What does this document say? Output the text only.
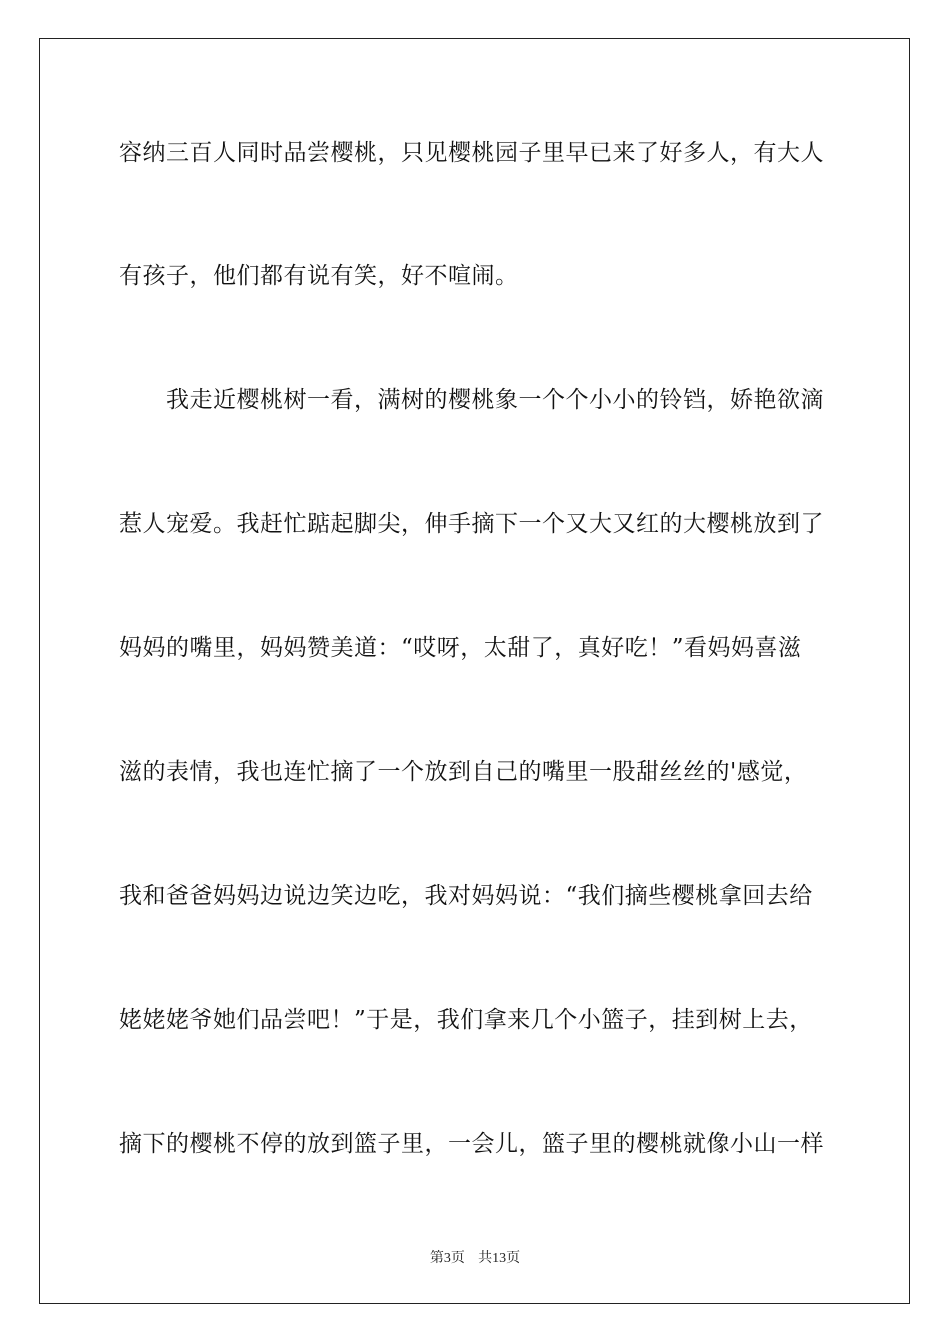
容纳三百人同时品尝樱桃，只见樱桃园子里早已来了好多人，有大人
有孩子，他们都有说有笑，好不喧闹。
　　我走近樱桃树一看，满树的樱桃象一个个小小的铃铛，娇艳欲滴
惹人宠爱。我赶忙踮起脚尖，伸手摘下一个又大又红的大樱桃放到了
妈妈的嘴里，妈妈赞美道：“哎呀，太甜了，真好吃！”看妈妈喜滋
滋的表情，我也连忙摘了一个放到自己的嘴里一股甜丝丝的'感觉，
我和爸爸妈妈边说边笑边吃，我对妈妈说：“我们摘些樱桃拿回去给
姥姥姥爷她们品尝吧！”于是，我们拿来几个小篮子，挂到树上去，
摘下的樱桃不停的放到篮子里，一会儿，篮子里的樱桃就像小山一样
第3页 共13页
